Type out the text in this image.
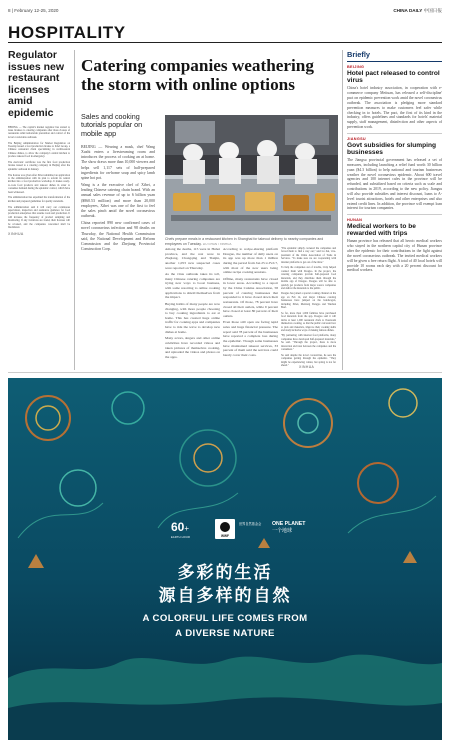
8 | February 12-25, 2020	CHINA DAILY 中国日报
HOSPITALITY
Regulator issues new restaurant licenses amid epidemic

BEIJING — The capital's market regulator has started to issue licenses to catering companies after mass closure of restaurants amid nationwide prevention and control of the novel coronavirus outbreak.

The Beijing Administration for Market Regulation on Tuesday issued a food production license to Kiwi Group, a Chinese restaurant chain specializing in northwestern Chinese dishes, to allow the company's central kitchen to produce takeout food in emergency.

The electronic certificate was the first food production license issued to a catering company in Beijing after the epidemic outbreak in January.

The license was given after Xibei submitted an application to the administration with its plan to reform its central kitchen into a food production workshop. It makes ready-to-cook food products and takeout dishes in order to consumer demand during the epidemic control, which have been witnessed.

The administration has expedited the transformation of the kitchen and prepared guidelines for quality standards.

The administration said it will carry out continuous supervision, inspection and assistance guidance for food production enterprises that resume work and production. It will increase the frequency of product sampling and monitoring. If any violations are found, their licenses will be revoked, and the companies concerned shall be blacklisted.

XINHUA
Catering companies weathering the storm with online options
Sales and cooking tutorials popular on mobile app

BEIJING — Wearing a mask, chef Wang Xuzhi enters a livestreaming room and introduces the process of cooking an at home. The show draws more than 10,000 viewers and helps sell 1,117 sets of half-prepared ingredients for on-home soup and spicy lamb spine hot pot.

Wang is a the executive chef of Xibei, a leading Chinese catering chain brand. With an annual sales revenue of up to 6 billion yuan ($860.53 million) and more than 20,000 employees, Xibei was one of the first to feel the sales pinch amid the novel coronavirus outbreak.

China reported 890 new confirmed cases of novel coronavirus infection and 98 deaths on Thursday, the National Health Commission said, the National Development and Reform Commission and the Zhejiang Provincial Construction Corp.

Chefs prepare meals in a restaurant kitchen in Shanghai for takeout delivery to nearby companies and employees on Tuesday. LIU CHAN / XINHUA

Among the deaths, 115 were in Hubei province, and the rest were in Zhejiang, Chongqing and Tianjin, another 1,053 new suspected cases were reported on Thursday.

As the virus outbreak takes its toll, many Chinese catering companies are trying new ways to boost business, with some resorting to online cooking applications to shield themselves from the impact.

Buying habits of many people are now changing, with more people choosing to buy cooking ingredients to eat at home. This has created huge online traffic for cooking apps and companies have to ride the wave to develop new dishes at home.

Many actors, singers and other online celebrities have recorded videos and taken pictures of themselves cooking, and uploaded the videos and photos on the apps.

According to recipe-sharing platform Douguo, the number of daily users on its app was up more than 1 million during the period from Jan 25 to Feb 7, with most of the new users being online recipe cooking sessions.

Offline, many restaurants have closed in lower areas. According to a report by the China Cuisine Association, 58 percent of catering businesses that responded to it have closed down their restaurants. Of those, 78 percent have closed all their outlets, while 9 percent have closed at least 80 percent of their outlets.

Even those still open are facing tepid sales and huge financial pressure. The report said 78 percent of the businesses have reported a complete loss during the epidemic. Though some businesses have maintained takeout services, 33 percent of them said the services could barely cover their costs.

"The epidemic simply cornered the companies and forced them to find a way out," said Lu Jun, vice-president of the China Association of Trade in Services. "To make sure we are cooperating with internet platforms to get out of the mire."

To help the companies out of trouble, Ctrip helped connect them with Douguo. In the project, the catering companies provide half-prepared food materials, and they distribute them through the mobile app of Douguo. Douguo will be able to quickly get products from major source companies and deliver the materials to the public.

Douguo has joined a special cooking channel on the app on Feb 14, and major Chinese catering businesses have jumped on the bandwagon, including Xibei, Meidong Dongpo and Wushan Beef.

So far, more than 1,000 families have purchased food materials from the app. Douguo said it will invite at least 1,000 restaurant chefs to livestream themselves cooking, so that the public can learn how to pick and materials, improve their cooking skills and study inclusive ways of making famous dishes.

"By partnering with internet food platforms, many companies have developed half-prepared materials," Su said. "Through the project, there is more interaction and trust between the companies and the consumers."

Su said despite the novel coronavirus, he sees the companies getting through the epidemic. "They might be experiencing winter, but spring is not far ahead."

Briefly
BEIJING
Hotel pact released to control virus

China's hotel industry association, in cooperation with e-commerce company Meituan, has released a self-discipline' pact on epidemic prevention work amid the novel coronavirus outbreak. The association is pledging more standard prevention measures to make customers feel safer while checking in to hotels. The pact, the first of its kind in the industry, offers guidelines and standards for hotels' material supply, staff management, disinfection and other aspects of prevention work.

JIANGSU
Govt subsidies for slumping businesses

The Jiangsu provincial government has released a set of measures, including launching a relief fund worth 30 billion yuan ($4.3 billion) to help national and tourism businesses weather the novel coronavirus epidemic. About 600 travel agencies and 100 internet cafes in the province will be refunded, and subsidized based on criteria such as scale and contributions in 2019, according to the new policy. Jiangsu will also provide subsidies and interest discount, loans to A-level tourist attractions, hotels and other enterprises and also extend credit lines. In addition, the province will exempt loan interest for tourism companies.

HUNAN
Medical workers to be rewarded with trips

Hunan province has released that all heroic medical workers who stayed in the northern capital city of Hunan province after the epidemic for their contributions in the fight against the novel coronavirus outbreak. The invited medical workers will be given a free return flight. A total of 40 local hotels will provide 10 rooms each day with a 20 percent discount for medical workers.

60+
EARTH HOUR	WWF
世界自然基金会 ONE PLANET
一个地球
多彩的生活
源自多样的自然
A COLORFUL LIFE COMES FROM
A DIVERSE NATURE
XINHUA
